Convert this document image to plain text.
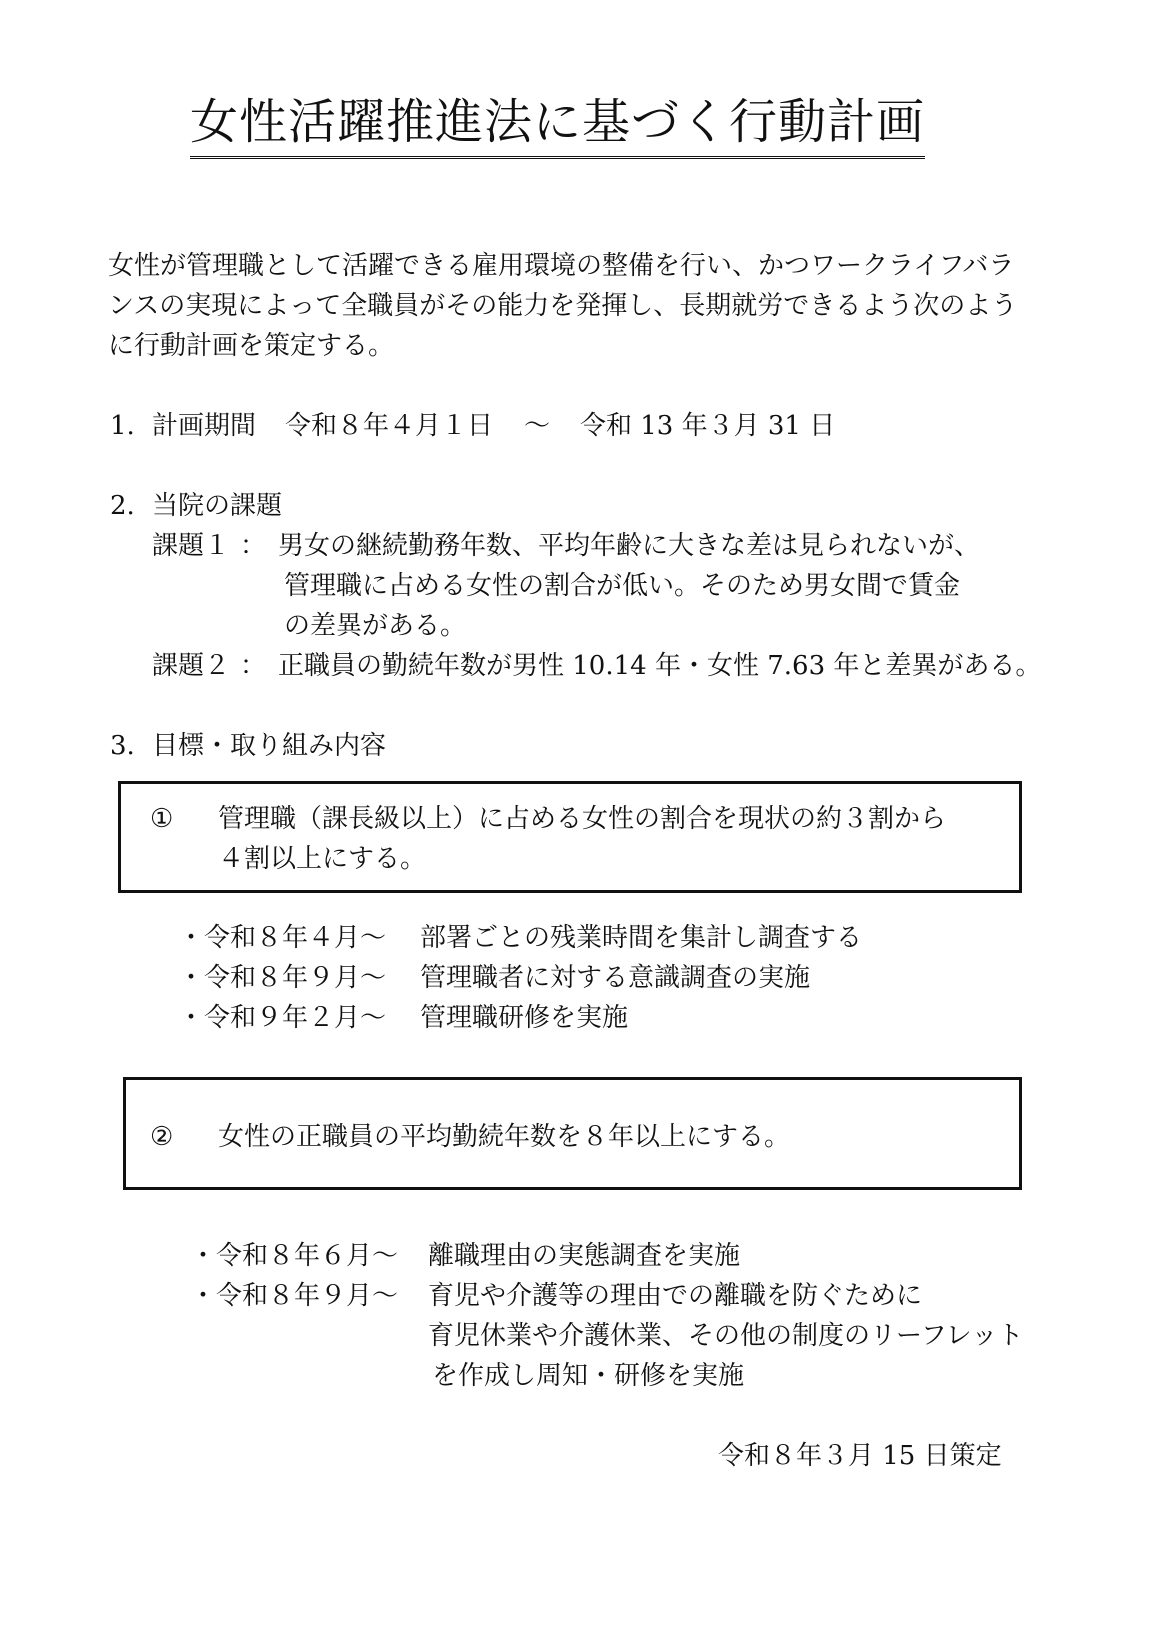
女性活躍推進法に基づく行動計画
女性が管理職として活躍できる雇用環境の整備を行い、かつワークライフバラ
ンスの実現によって全職員がその能力を発揮し、長期就労できるよう次のよう
に行動計画を策定する。
1. 計画期間 令和８年４月１日 ～ 令和 13 年３月 31 日
2. 当院の課題
課題１ ： 男女の継続勤務年数、平均年齢に大きな差は見られないが、
管理職に占める女性の割合が低い。そのため男女間で賃金
の差異がある。
課題２ ： 正職員の勤続年数が男性 10.14 年・女性 7.63 年と差異がある。
3. 目標・取り組み内容
① 管理職（課長級以上）に占める女性の割合を現状の約３割から
４割以上にする。
・令和８年４月～ 部署ごとの残業時間を集計し調査する
・令和８年９月～ 管理職者に対する意識調査の実施
・令和９年２月～ 管理職研修を実施
② 女性の正職員の平均勤続年数を８年以上にする。
・令和８年６月～ 離職理由の実態調査を実施
・令和８年９月～ 育児や介護等の理由での離職を防ぐために
育児休業や介護休業、その他の制度のリーフレット
を作成し周知・研修を実施
令和８年３月 15 日策定
